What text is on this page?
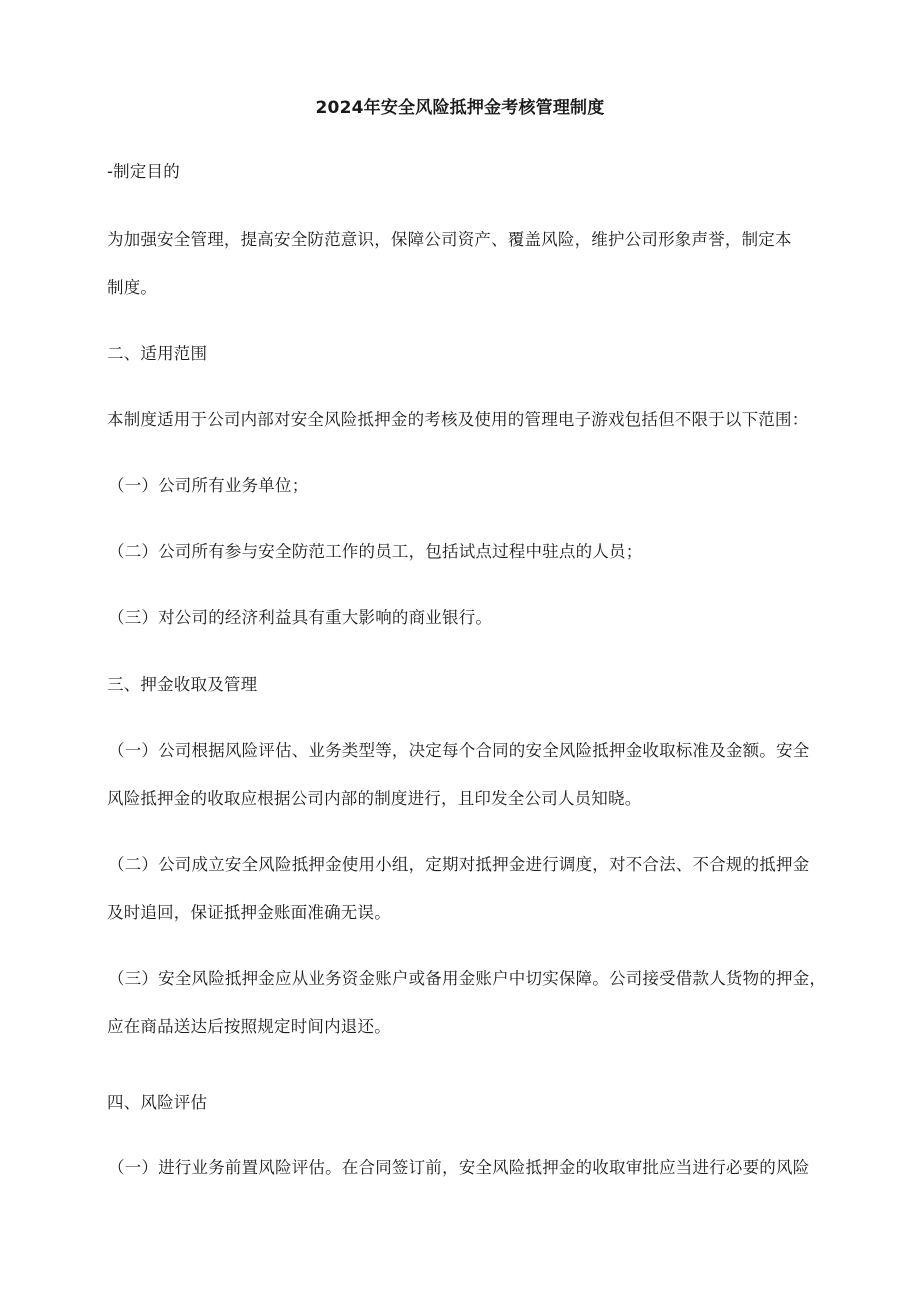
2024年安全风险抵押金考核管理制度
-制定目的
为加强安全管理，提高安全防范意识，保障公司资产、覆盖风险，维护公司形象声誉，制定本
制度。
二、适用范围
本制度适用于公司内部对安全风险抵押金的考核及使用的管理电子游戏包括但不限于以下范围：
（一）公司所有业务单位；
（二）公司所有参与安全防范工作的员工，包括试点过程中驻点的人员；
（三）对公司的经济利益具有重大影响的商业银行。
三、押金收取及管理
（一）公司根据风险评估、业务类型等，决定每个合同的安全风险抵押金收取标准及金额。安全
风险抵押金的收取应根据公司内部的制度进行，且印发全公司人员知晓。
（二）公司成立安全风险抵押金使用小组，定期对抵押金进行调度，对不合法、不合规的抵押金
及时追回，保证抵押金账面准确无误。
（三）安全风险抵押金应从业务资金账户或备用金账户中切实保障。公司接受借款人货物的押金，
应在商品送达后按照规定时间内退还。
四、风险评估
（一）进行业务前置风险评估。在合同签订前，安全风险抵押金的收取审批应当进行必要的风险
